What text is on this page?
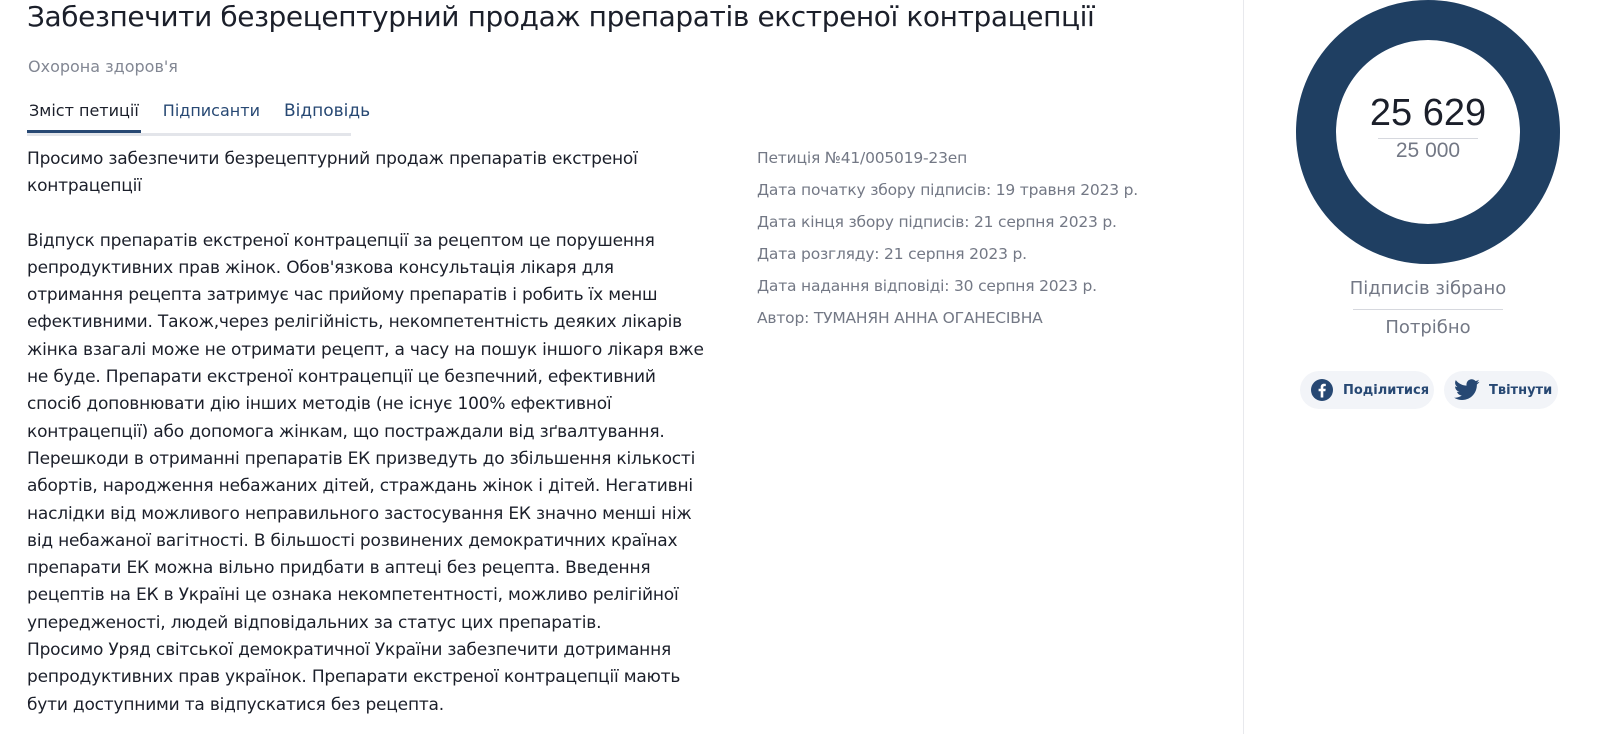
Забезпечити безрецептурний продаж препаратів екстреної контрацепції
Охорона здоров'я
Зміст петиції Підписанти Відповідь

Просимо забезпечити безрецептурний продаж препаратів екстреної контрацепції

Відпуск препаратів екстреної контрацепції за рецептом це порушення репродуктивних прав жінок. Обов'язкова консультація лікаря для отримання рецепта затримує час прийому препаратів і робить їх менш ефективними. Також,через релігійність, некомпетентність деяких лікарів жінка взагалі може не отримати рецепт, а часу на пошук іншого лікаря вже не буде. Препарати екстреної контрацепції це безпечний, ефективний спосіб доповнювати дію інших методів (не існує 100% ефективної контрацепції) або допомога жінкам, що постраждали від зґвалтування.

Перешкоди в отриманні препаратів ЕК призведуть до збільшення кількості абортів, народження небажаних дітей, страждань жінок і дітей. Негативні наслідки від можливого неправильного застосування ЕК значно менші ніж від небажаної вагітності. В більшості розвинених демократичних країнах препарати ЕК можна вільно придбати в аптеці без рецепта. Введення рецептів на ЕК в Україні це ознака некомпетентності, можливо релігійної упередженості, людей відповідальних за статус цих препаратів.

Просимо Уряд світської демократичної України забезпечити дотримання репродуктивних прав українок. Препарати екстреної контрацепції мають бути доступними та відпускатися без рецепта.

Петиція №41/005019-23еп
Дата початку збору підписів: 19 травня 2023 р.
Дата кінця збору підписів: 21 серпня 2023 р.
Дата розгляду: 21 серпня 2023 р.
Дата надання відповіді: 30 серпня 2023 р.
Автор: ТУМАНЯН АННА ОГАНЕСІВНА
25 629
25 000
Підписів зібрано
Потрібно
Поділитися	Твітнути
